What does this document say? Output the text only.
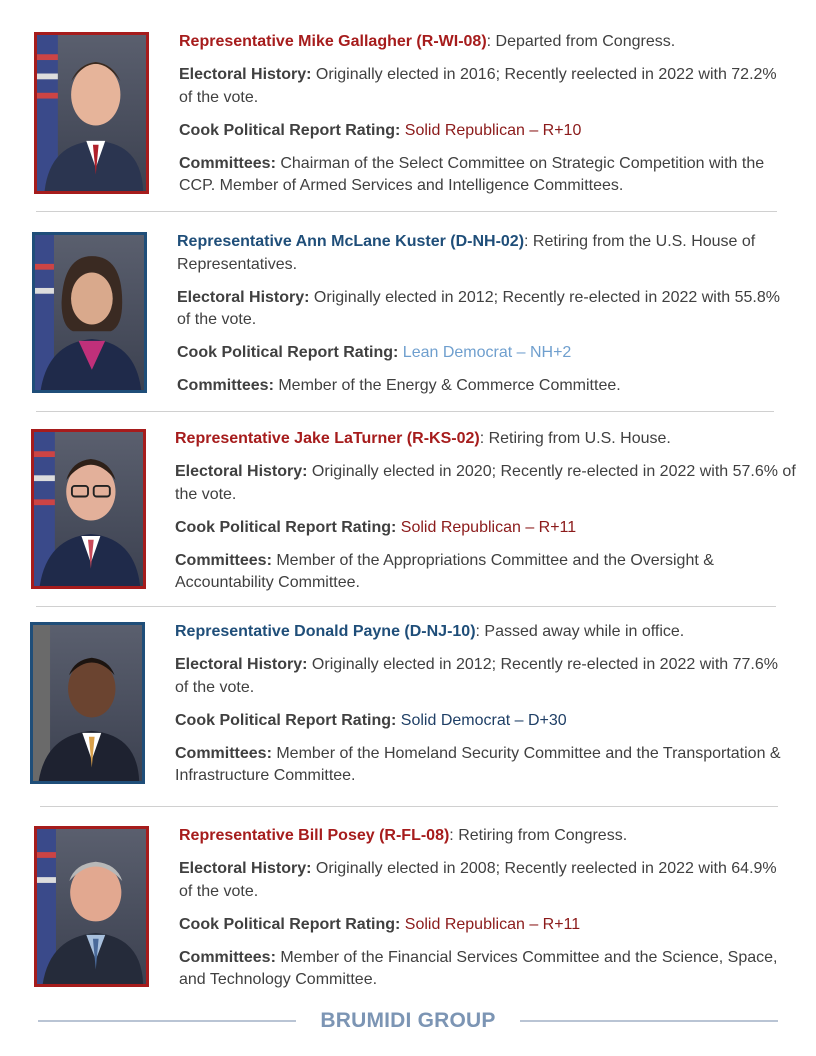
Representative Mike Gallagher (R-WI-08): Departed from Congress.

Electoral History: Originally elected in 2016; Recently reelected in 2022 with 72.2% of the vote.

Cook Political Report Rating: Solid Republican – R+10

Committees: Chairman of the Select Committee on Strategic Competition with the CCP. Member of Armed Services and Intelligence Committees.

Representative Ann McLane Kuster (D-NH-02): Retiring from the U.S. House of Representatives.

Electoral History: Originally elected in 2012; Recently re-elected in 2022 with 55.8% of the vote.

Cook Political Report Rating: Lean Democrat – NH+2

Committees: Member of the Energy & Commerce Committee.

Representative Jake LaTurner (R-KS-02): Retiring from U.S. House.

Electoral History: Originally elected in 2020; Recently re-elected in 2022 with 57.6% of the vote.

Cook Political Report Rating: Solid Republican – R+11

Committees: Member of the Appropriations Committee and the Oversight & Accountability Committee.

Representative Donald Payne (D-NJ-10): Passed away while in office.

Electoral History: Originally elected in 2012; Recently re-elected in 2022 with 77.6% of the vote.

Cook Political Report Rating: Solid Democrat – D+30

Committees: Member of the Homeland Security Committee and the Transportation & Infrastructure Committee.

Representative Bill Posey (R-FL-08): Retiring from Congress.

Electoral History: Originally elected in 2008; Recently reelected in 2022 with 64.9% of the vote.

Cook Political Report Rating: Solid Republican – R+11

Committees: Member of the Financial Services Committee and the Science, Space, and Technology Committee.

BRUMIDI GROUP
